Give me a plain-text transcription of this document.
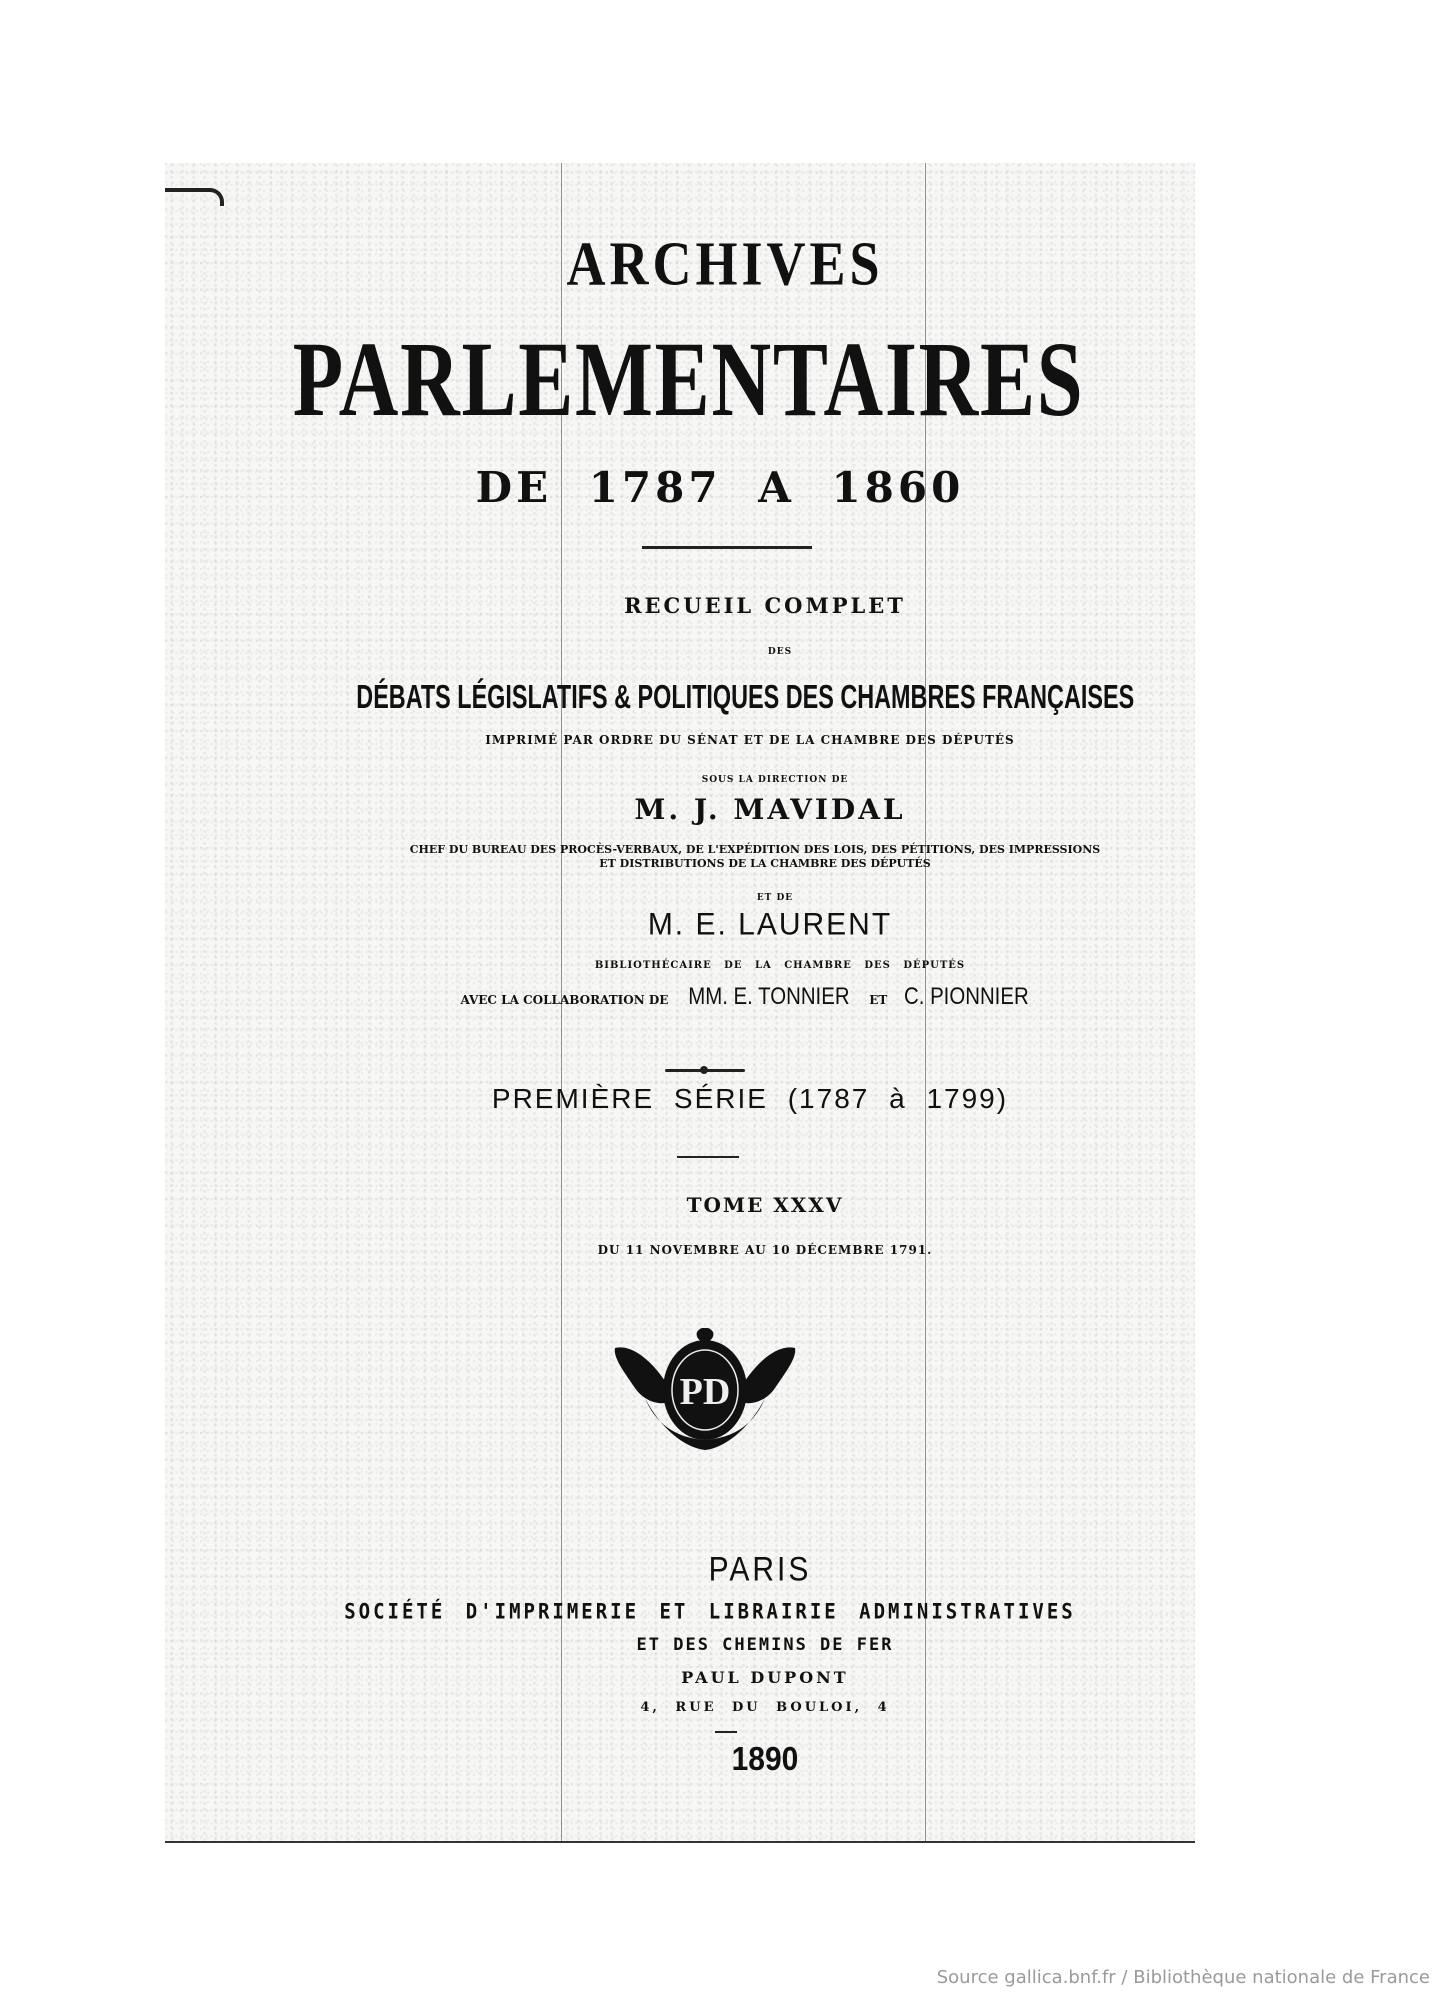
ARCHIVES
PARLEMENTAIRES
DE 1787 A 1860
RECUEIL COMPLET
DES
DÉBATS LÉGISLATIFS & POLITIQUES DES CHAMBRES FRANÇAISES
IMPRIMÉ PAR ORDRE DU SÉNAT ET DE LA CHAMBRE DES DÉPUTÉS
SOUS LA DIRECTION DE
M. J. MAVIDAL
CHEF DU BUREAU DES PROCÈS-VERBAUX, DE L'EXPÉDITION DES LOIS, DES PÉTITIONS, DES IMPRESSIONS
ET DISTRIBUTIONS DE LA CHAMBRE DES DÉPUTÉS
ET DE
M. E. LAURENT
BIBLIOTHÉCAIRE DE LA CHAMBRE DES DÉPUTÉS
AVEC LA COLLABORATION DE MM. E. TONNIER ET C. PIONNIER
PREMIÈRE SÉRIE (1787 à 1799)
TOME XXXV
DU 11 NOVEMBRE AU 10 DÉCEMBRE 1791.
PD
PARIS
SOCIÉTÉ D'IMPRIMERIE ET LIBRAIRIE ADMINISTRATIVES
ET DES CHEMINS DE FER
PAUL DUPONT
4, RUE DU BOULOI, 4
1890
Source gallica.bnf.fr / Bibliothèque nationale de France
